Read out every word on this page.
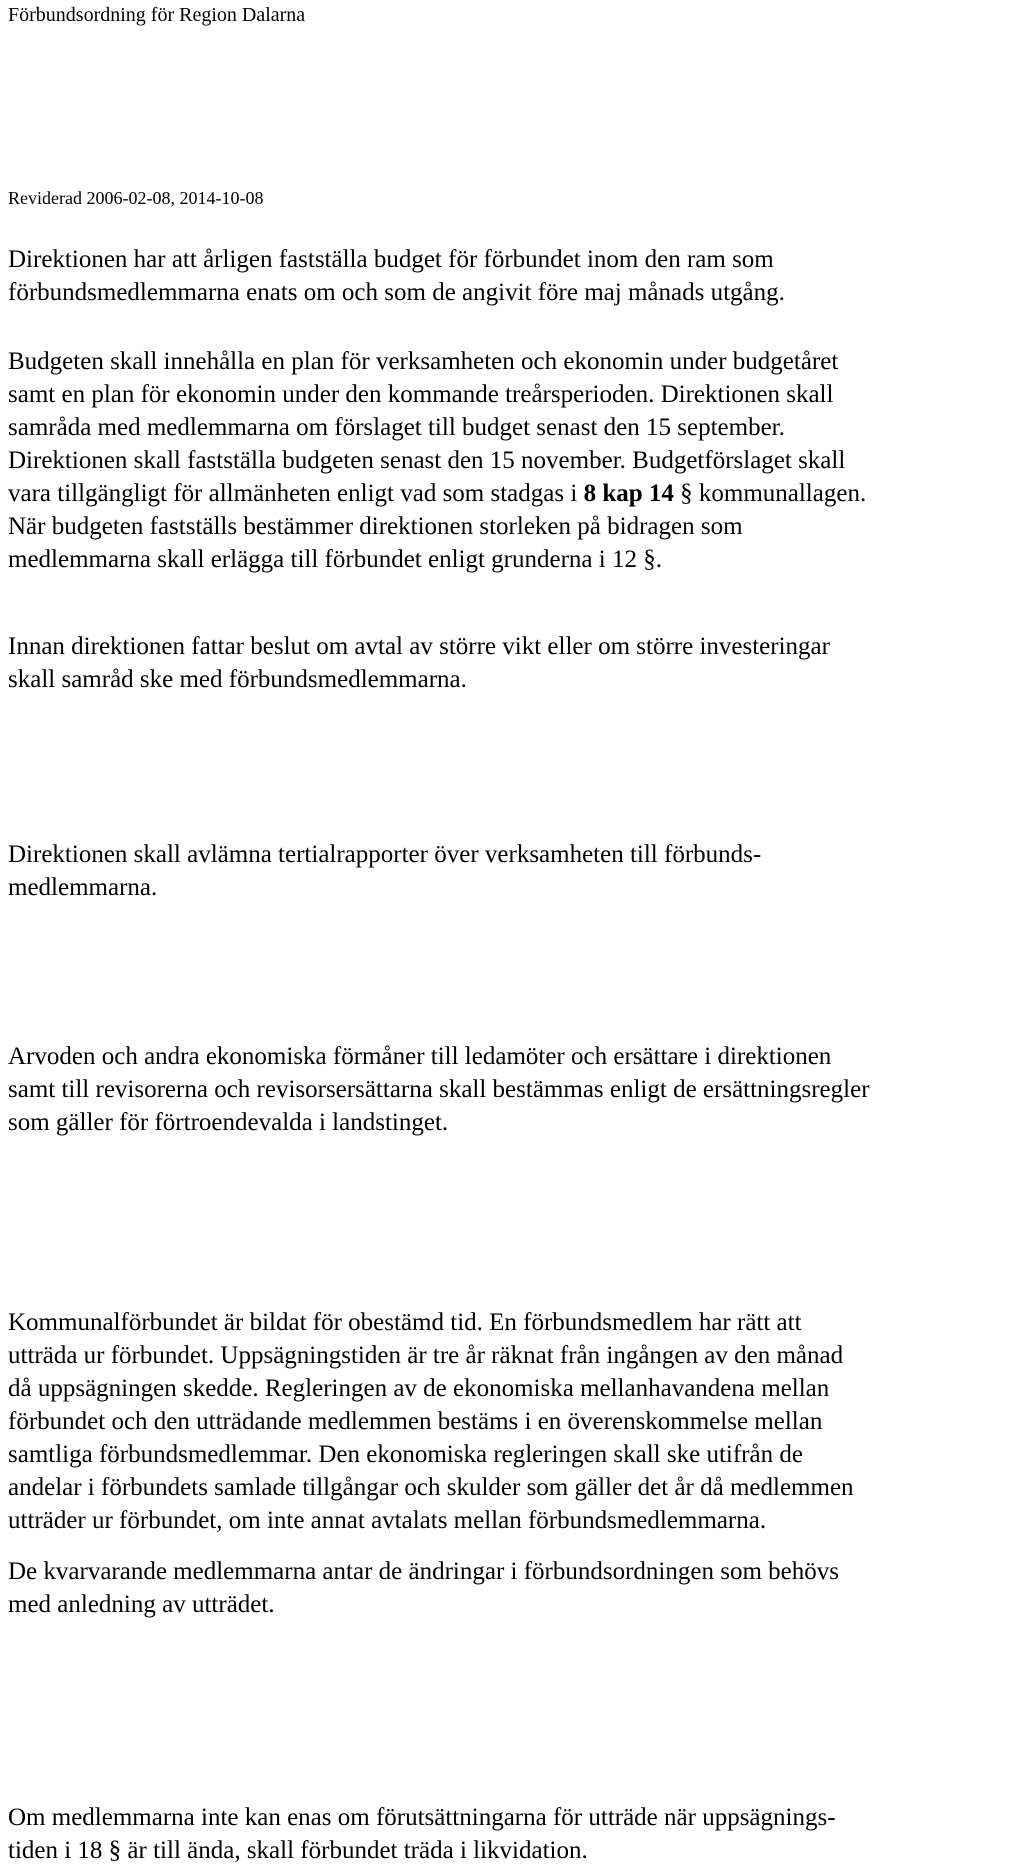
Förbundsordning för Region Dalarna
Reviderad 2006-02-08, 2014-10-08
Direktionen har att årligen fastställa budget för förbundet inom den ram som
förbundsmedlemmarna enats om och som de angivit före maj månads utgång.
Budgeten skall innehålla en plan för verksamheten och ekonomin under budgetåret
samt en plan för ekonomin under den kommande treårsperioden. Direktionen skall
samråda med medlemmarna om förslaget till budget senast den 15 september.
Direktionen skall fastställa budgeten senast den 15 november. Budgetförslaget skall
vara tillgängligt för allmänheten enligt vad som stadgas i 8 kap 14 § kommunallagen.
När budgeten fastställs bestämmer direktionen storleken på bidragen som
medlemmarna skall erlägga till förbundet enligt grunderna i 12 §.
Innan direktionen fattar beslut om avtal av större vikt eller om större investeringar
skall samråd ske med förbundsmedlemmarna.
Direktionen skall avlämna tertialrapporter över verksamheten till förbunds-
medlemmarna.
Arvoden och andra ekonomiska förmåner till ledamöter och ersättare i direktionen
samt till revisorerna och revisorsersättarna skall bestämmas enligt de ersättningsregler
som gäller för förtroendevalda i landstinget.
Kommunalförbundet är bildat för obestämd tid. En förbundsmedlem har rätt att
utträda ur förbundet. Uppsägningstiden är tre år räknat från ingången av den månad
då uppsägningen skedde. Regleringen av de ekonomiska mellanhavandena mellan
förbundet och den utträdande medlemmen bestäms i en överenskommelse mellan
samtliga förbundsmedlemmar. Den ekonomiska regleringen skall ske utifrån de
andelar i förbundets samlade tillgångar och skulder som gäller det år då medlemmen
utträder ur förbundet, om inte annat avtalats mellan förbundsmedlemmarna.
De kvarvarande medlemmarna antar de ändringar i förbundsordningen som behövs
med anledning av utträdet.
Om medlemmarna inte kan enas om förutsättningarna för utträde när uppsägnings-
tiden i 18 § är till ända, skall förbundet träda i likvidation.
